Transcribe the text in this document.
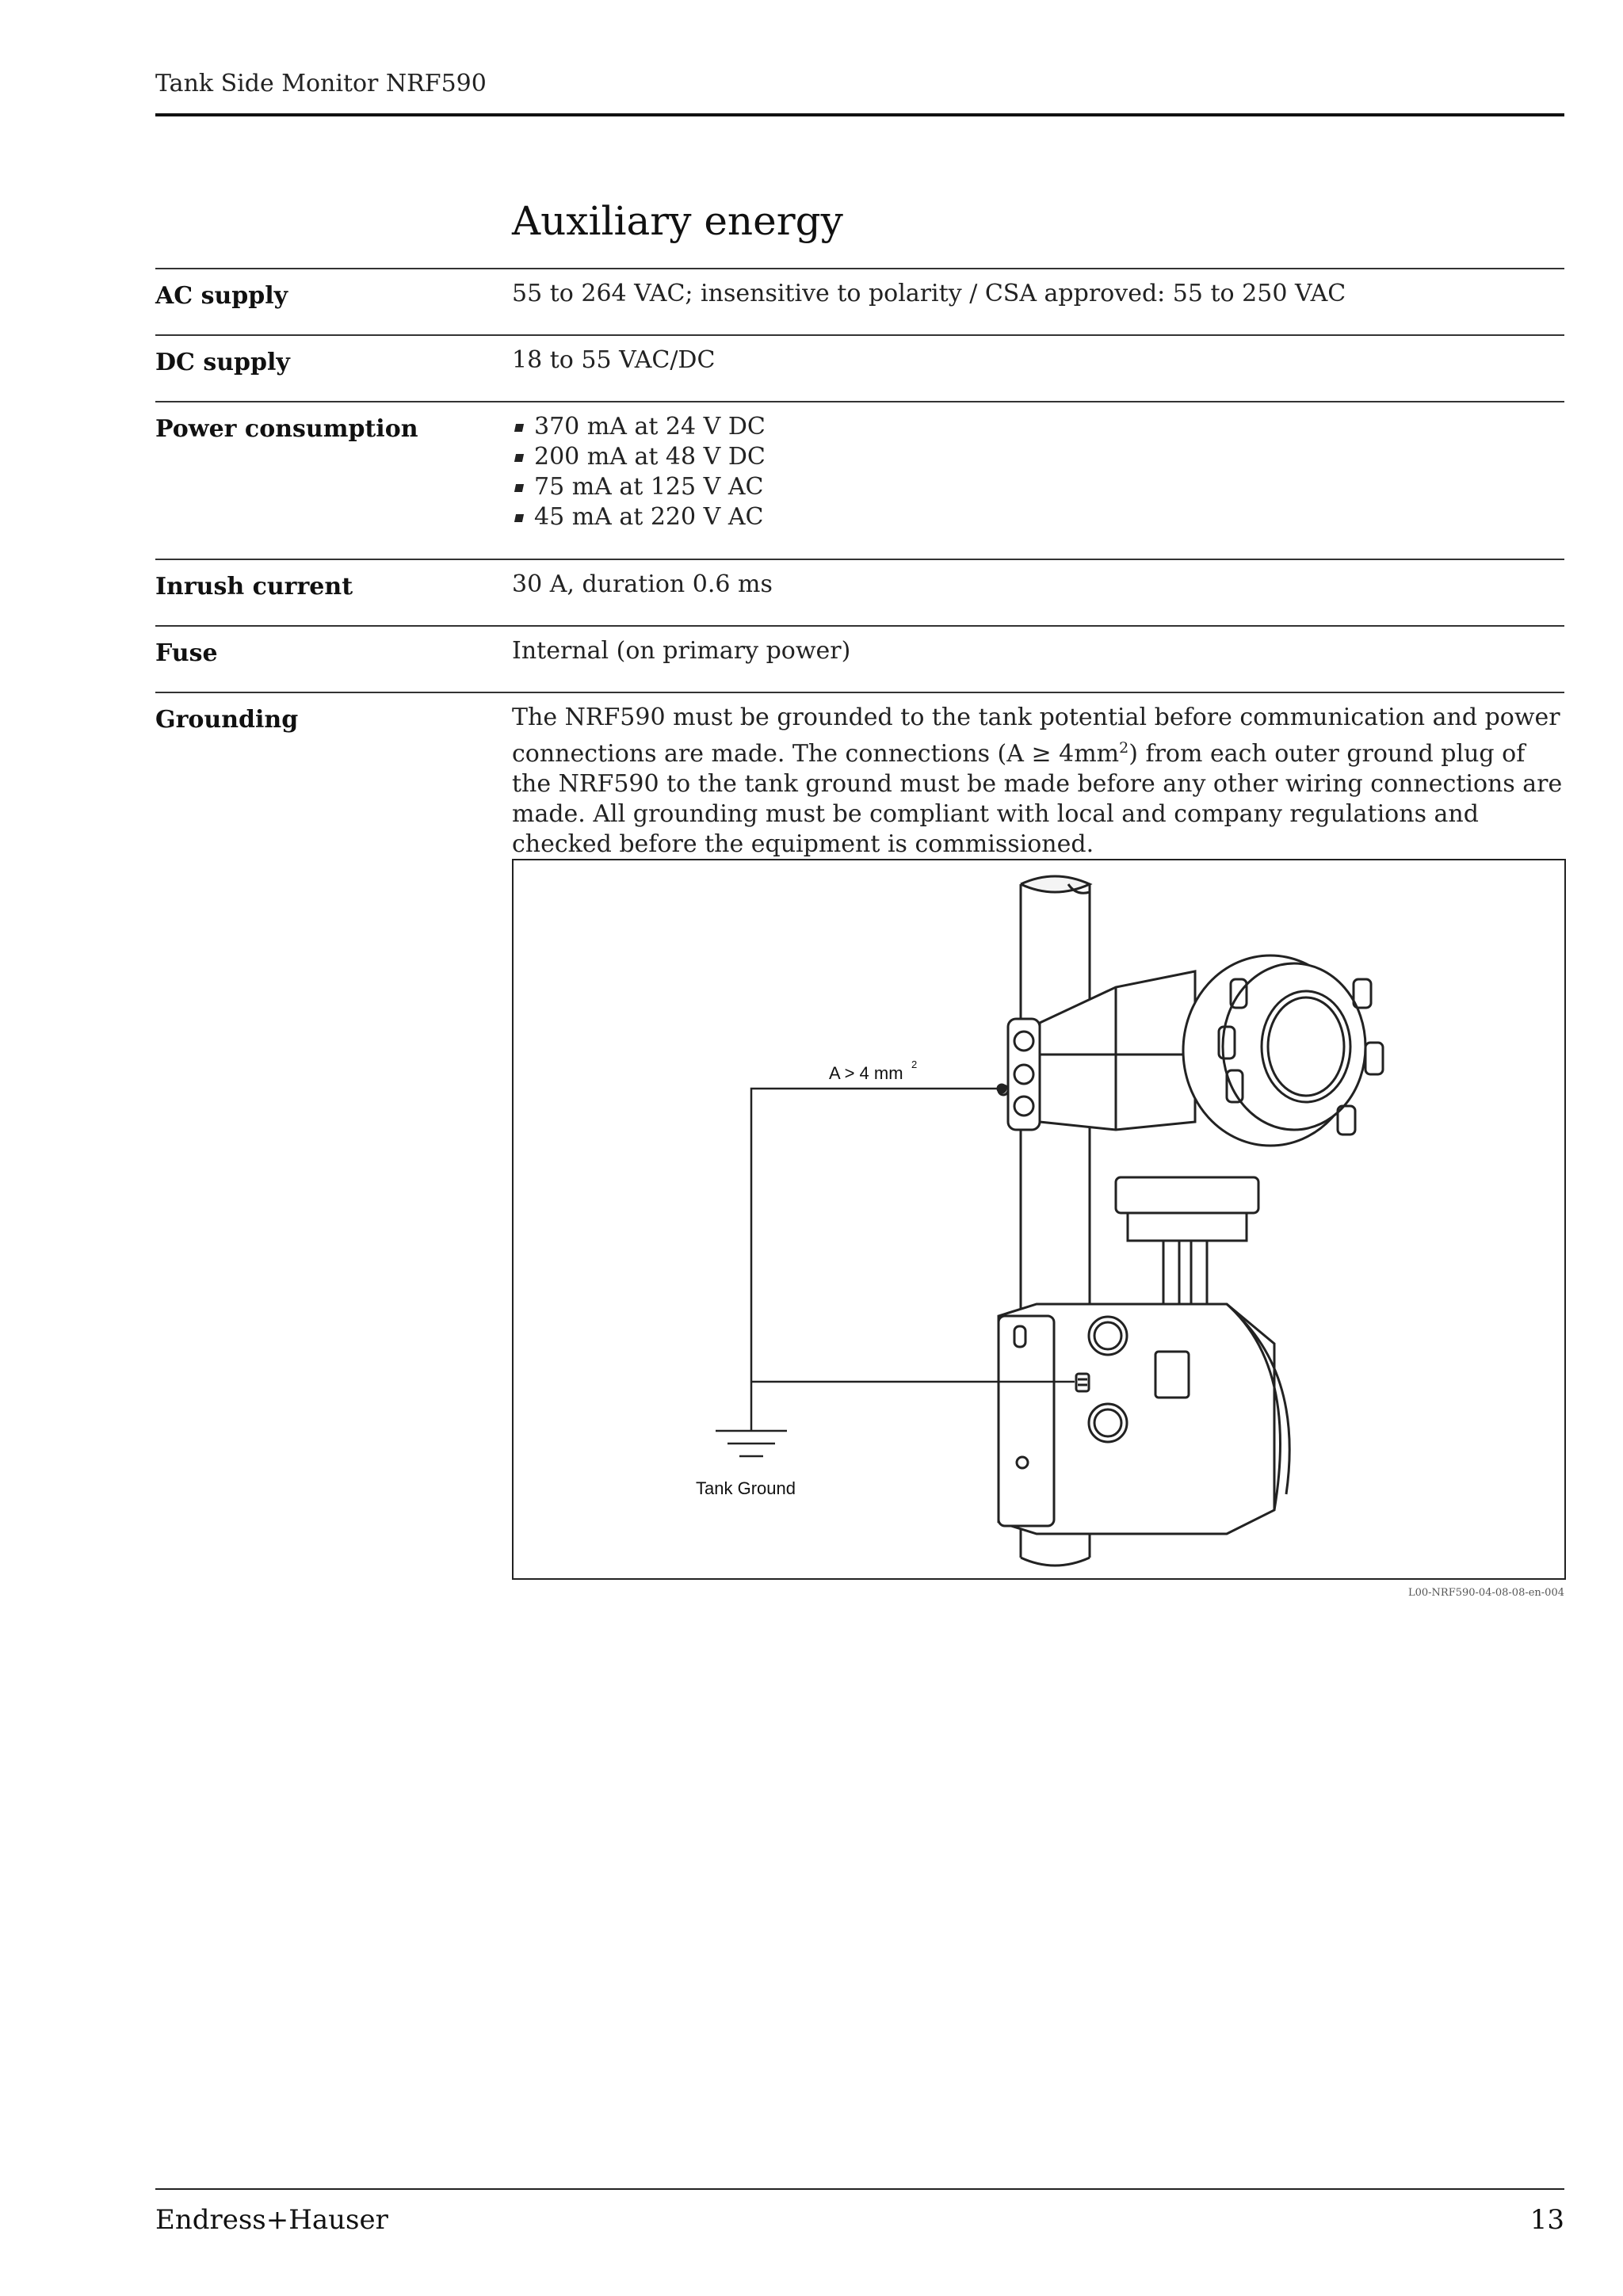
Tank Side Monitor NRF590
Auxiliary energy
AC supply	55 to 264 VAC; insensitive to polarity / CSA approved: 55 to 250 VAC
DC supply	18 to 55 VAC/DC
Power consumption	370 mA at 24 V DC
200 mA at 48 V DC
75 mA at 125 V AC
45 mA at 220 V AC
Inrush current	30 A, duration 0.6 ms
Fuse	Internal (on primary power)
Grounding	The NRF590 must be grounded to the tank potential before communication and power connections are made. The connections $(A \ge 4mm^2)$ from each outer ground plug of the NRF590 to the tank ground must be made before any other wiring connections are made. All grounding must be compliant with local and company regulations and checked before the equipment is commissioned.
A > 4 mm 2
Tank Ground
L00-NRF590-04-08-08-en-004
Endress+Hauser	13
